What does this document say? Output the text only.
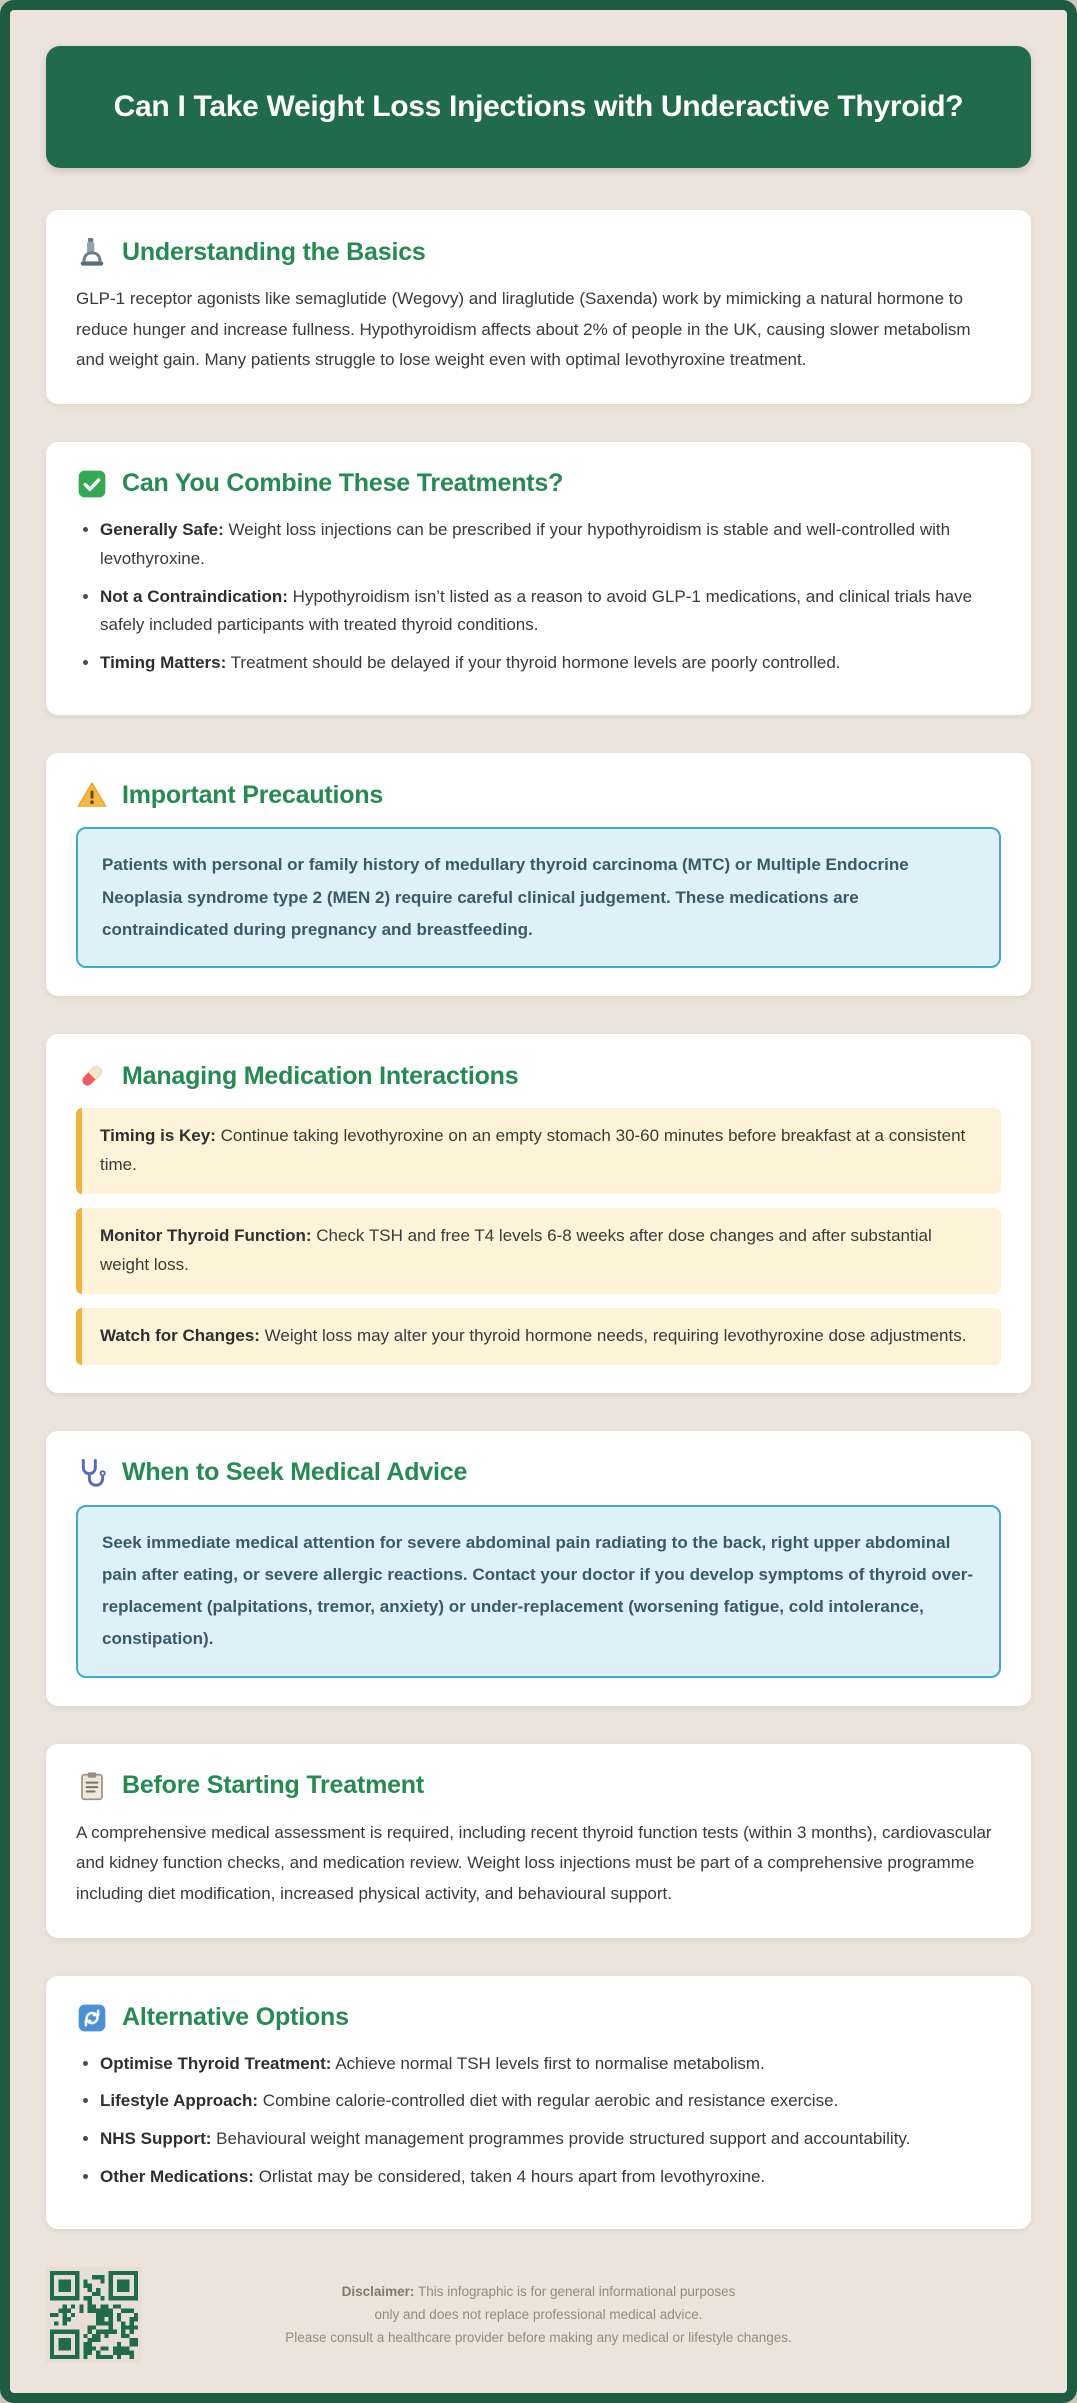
Can I Take Weight Loss Injections with Underactive Thyroid?
Understanding the Basics

GLP-1 receptor agonists like semaglutide (Wegovy) and liraglutide (Saxenda) work by mimicking a natural hormone to reduce hunger and increase fullness. Hypothyroidism affects about 2% of people in the UK, causing slower metabolism and weight gain. Many patients struggle to lose weight even with optimal levothyroxine treatment.

Can You Combine These Treatments?
• Generally Safe: Weight loss injections can be prescribed if your hypothyroidism is stable and well-controlled with levothyroxine.
• Not a Contraindication: Hypothyroidism isn’t listed as a reason to avoid GLP-1 medications, and clinical trials have safely included participants with treated thyroid conditions.
• Timing Matters: Treatment should be delayed if your thyroid hormone levels are poorly controlled.
Important Precautions
Patients with personal or family history of medullary thyroid carcinoma (MTC) or Multiple Endocrine Neoplasia syndrome type 2 (MEN 2) require careful clinical judgement. These medications are contraindicated during pregnancy and breastfeeding.
Managing Medication Interactions
Timing is Key: Continue taking levothyroxine on an empty stomach 30-60 minutes before breakfast at a consistent time.
Monitor Thyroid Function: Check TSH and free T4 levels 6-8 weeks after dose changes and after substantial weight loss.
Watch for Changes: Weight loss may alter your thyroid hormone needs, requiring levothyroxine dose adjustments.
When to Seek Medical Advice
Seek immediate medical attention for severe abdominal pain radiating to the back, right upper abdominal pain after eating, or severe allergic reactions. Contact your doctor if you develop symptoms of thyroid over-replacement (palpitations, tremor, anxiety) or under-replacement (worsening fatigue, cold intolerance, constipation).
Before Starting Treatment

A comprehensive medical assessment is required, including recent thyroid function tests (within 3 months), cardiovascular and kidney function checks, and medication review. Weight loss injections must be part of a comprehensive programme including diet modification, increased physical activity, and behavioural support.

Alternative Options
• Optimise Thyroid Treatment: Achieve normal TSH levels first to normalise metabolism.
• Lifestyle Approach: Combine calorie-controlled diet with regular aerobic and resistance exercise.
• NHS Support: Behavioural weight management programmes provide structured support and accountability.
• Other Medications: Orlistat may be considered, taken 4 hours apart from levothyroxine.

Disclaimer: This infographic is for general informational purposes

only and does not replace professional medical advice.

Please consult a healthcare provider before making any medical or lifestyle changes.
